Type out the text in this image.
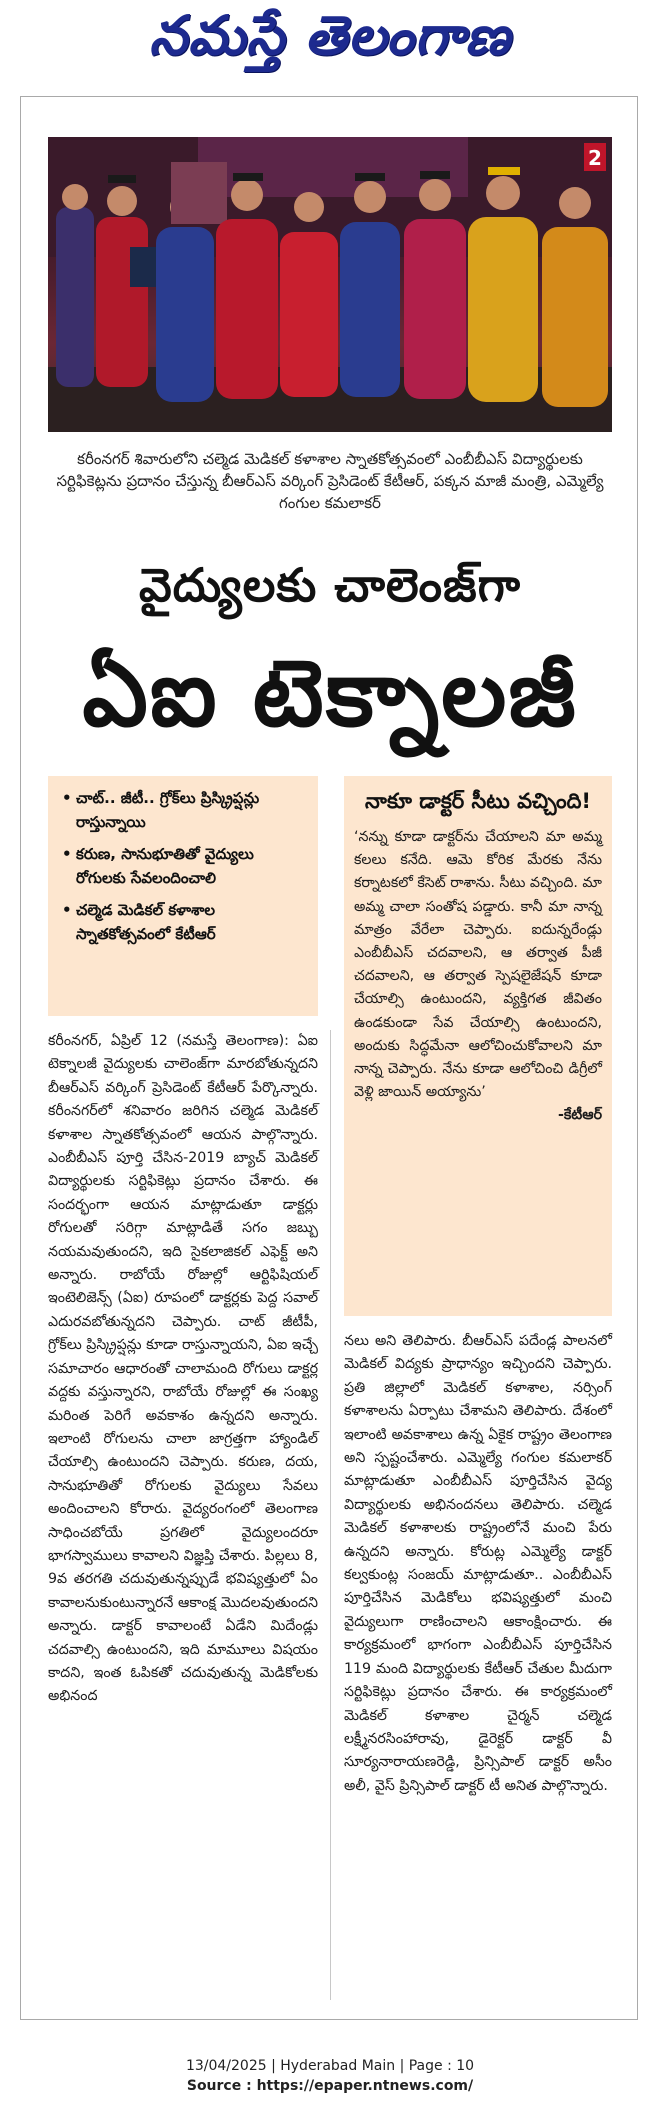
నమస్తే తెలంగాణ
2
కరీంనగర్ శివారులోని చల్మెడ మెడికల్ కళాశాల స్నాతకోత్సవంలో ఎంబీబీఎస్ విద్యార్థులకు సర్టిఫికెట్లను ప్రదానం చేస్తున్న బీఆర్ఎస్ వర్కింగ్ ప్రెసిడెంట్ కేటీఆర్, పక్కన మాజీ మంత్రి, ఎమ్మెల్యే గంగుల కమలాకర్
వైద్యులకు చాలెంజ్‌గా
ఏఐ టెక్నాలజీ
• చాట్.. జీటీ.. గ్రోక్‌లు ప్రిస్క్రిప్షన్లు రాస్తున్నాయి
• కరుణ, సానుభూతితో వైద్యులు రోగులకు సేవలందించాలి
• చల్మెడ మెడికల్ కళాశాల స్నాతకోత్సవంలో కేటీఆర్
నాకూ డాక్టర్ సీటు వచ్చింది!
‘నన్ను కూడా డాక్టర్‌ను చేయాలని మా అమ్మ కలలు కనేది. ఆమె కోరిక మేరకు నేను కర్నాటకలో కేసెట్ రాశాను. సీటు వచ్చింది. మా అమ్మ చాలా సంతోష పడ్డారు. కానీ మా నాన్న మాత్రం వేరేలా చెప్పారు. ఐదున్నరేండ్లు ఎంబీబీఎస్ చదవాలని, ఆ తర్వాత పీజీ చదవాలని, ఆ తర్వాత స్పెషలైజేషన్ కూడా చేయాల్సి ఉంటుందని, వ్యక్తిగత జీవితం ఉండకుండా సేవ చేయాల్సి ఉంటుందని, అందుకు సిద్ధమేనా ఆలోచించుకోవాలని మా నాన్న చెప్పారు. నేను కూడా ఆలోచించి డిగ్రీలో వెళ్లి జాయిన్ అయ్యాను’
-కేటీఆర్
కరీంనగర్, ఏప్రిల్ 12 (నమస్తే తెలంగాణ): ఏఐ టెక్నాలజీ వైద్యులకు చాలెంజ్‌గా మారబోతున్నదని బీఆర్ఎస్ వర్కింగ్ ప్రెసిడెంట్ కేటీఆర్ పేర్కొన్నారు. కరీంనగర్‌లో శనివారం జరిగిన చల్మెడ మెడికల్ కళాశాల స్నాతకోత్సవంలో ఆయన పాల్గొన్నారు. ఎంబీబీఎస్ పూర్తి చేసిన-2019 బ్యాచ్ మెడికల్ విద్యార్థులకు సర్టిఫికెట్లు ప్రదానం చేశారు. ఈ సందర్భంగా ఆయన మాట్లాడుతూ డాక్టర్లు రోగులతో సరిగ్గా మాట్లాడితే సగం జబ్బు నయమవుతుందని, ఇది సైకలాజికల్ ఎఫెక్ట్ అని అన్నారు. రాబోయే రోజుల్లో ఆర్టిఫిషియల్ ఇంటెలిజెన్స్ (ఏఐ) రూపంలో డాక్టర్లకు పెద్ద సవాల్ ఎదురవబోతున్నదని చెప్పారు. చాట్ జీటీపీ, గ్రోక్‌లు ప్రిస్క్రిప్షన్లు కూడా రాస్తున్నాయని, ఏఐ ఇచ్చే సమాచారం ఆధారంతో చాలామంది రోగులు డాక్టర్ల వద్దకు వస్తున్నారని, రాబోయే రోజుల్లో ఈ సంఖ్య మరింత పెరిగే అవకాశం ఉన్నదని అన్నారు. ఇలాంటి రోగులను చాలా జాగ్రత్తగా హ్యాండిల్ చేయాల్సి ఉంటుందని చెప్పారు. కరుణ, దయ, సానుభూతితో రోగులకు వైద్యులు సేవలు అందించాలని కోరారు. వైద్యరంగంలో తెలంగాణ సాధించబోయే ప్రగతిలో వైద్యులందరూ భాగస్వాములు కావాలని విజ్ఞప్తి చేశారు. పిల్లలు 8, 9వ తరగతి చదువుతున్నప్పుడే భవిష్యత్తులో ఏం కావాలనుకుంటున్నారనే ఆకాంక్ష మొదలవుతుందని అన్నారు. డాక్టర్ కావాలంటే ఏడేని మిదేండ్లు చదవాల్సి ఉంటుందని, ఇది మామూలు విషయం కాదని, ఇంత ఓపికతో చదువుతున్న మెడికోలకు అభినంద
నలు అని తెలిపారు. బీఆర్ఎస్ పదేండ్ల పాలనలో మెడికల్ విద్యకు ప్రాధాన్యం ఇచ్చిందని చెప్పారు. ప్రతి జిల్లాలో మెడికల్ కళాశాల, నర్సింగ్ కళాశాలను ఏర్పాటు చేశామని తెలిపారు. దేశంలో ఇలాంటి అవకాశాలు ఉన్న ఏకైక రాష్ట్రం తెలంగాణ అని స్పష్టంచేశారు. ఎమ్మెల్యే గంగుల కమలాకర్ మాట్లాడుతూ ఎంబీబీఎస్ పూర్తిచేసిన వైద్య విద్యార్థులకు అభినందనలు తెలిపారు. చల్మెడ మెడికల్ కళాశాలకు రాష్ట్రంలోనే మంచి పేరు ఉన్నదని అన్నారు. కోరుట్ల ఎమ్మెల్యే డాక్టర్ కల్వకుంట్ల సంజయ్ మాట్లాడుతూ.. ఎంబీబీఎస్ పూర్తిచేసిన మెడికోలు భవిష్యత్తులో మంచి వైద్యులుగా రాణించాలని ఆకాంక్షించారు. ఈ కార్యక్రమంలో భాగంగా ఎంబీబీఎస్ పూర్తిచేసిన 119 మంది విద్యార్థులకు కేటీఆర్ చేతుల మీదుగా సర్టిఫికెట్లు ప్రదానం చేశారు. ఈ కార్యక్రమంలో మెడికల్ కళాశాల చైర్మన్ చల్మెడ లక్ష్మీనరసింహారావు, డైరెక్టర్ డాక్టర్ వీ సూర్యనారాయణరెడ్డి, ప్రిన్సిపాల్ డాక్టర్ అసీం అలీ, వైస్ ప్రిన్సిపాల్ డాక్టర్ టీ అనిత పాల్గొన్నారు.
13/04/2025 | Hyderabad Main | Page : 10
Source : https://epaper.ntnews.com/
